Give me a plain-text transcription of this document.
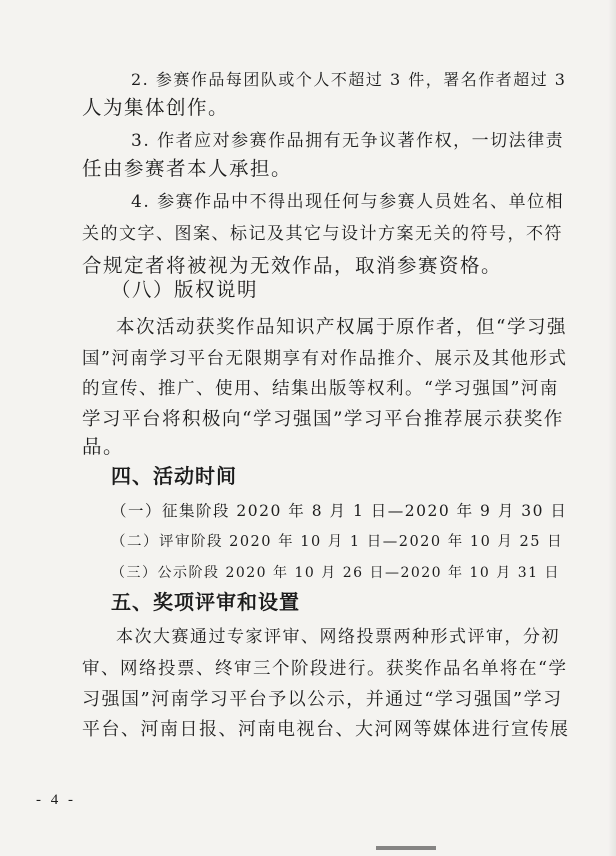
2. 参赛作品每团队或个人不超过 3 件，署名作者超过 3
人为集体创作。
3. 作者应对参赛作品拥有无争议著作权，一切法律责
任由参赛者本人承担。
4. 参赛作品中不得出现任何与参赛人员姓名、单位相
关的文字、图案、标记及其它与设计方案无关的符号，不符
合规定者将被视为无效作品，取消参赛资格。
（八）版权说明
本次活动获奖作品知识产权属于原作者，但“学习强
国”河南学习平台无限期享有对作品推介、展示及其他形式
的宣传、推广、使用、结集出版等权利。“学习强国”河南
学习平台将积极向“学习强国”学习平台推荐展示获奖作
品。
四、活动时间
（一）征集阶段 2020 年 8 月 1 日—2020 年 9 月 30 日
（二）评审阶段 2020 年 10 月 1 日—2020 年 10 月 25 日
（三）公示阶段 2020 年 10 月 26 日—2020 年 10 月 31 日
五、奖项评审和设置
本次大赛通过专家评审、网络投票两种形式评审，分初
审、网络投票、终审三个阶段进行。获奖作品名单将在“学
习强国”河南学习平台予以公示，并通过“学习强国”学习
平台、河南日报、河南电视台、大河网等媒体进行宣传展
- 4 -
